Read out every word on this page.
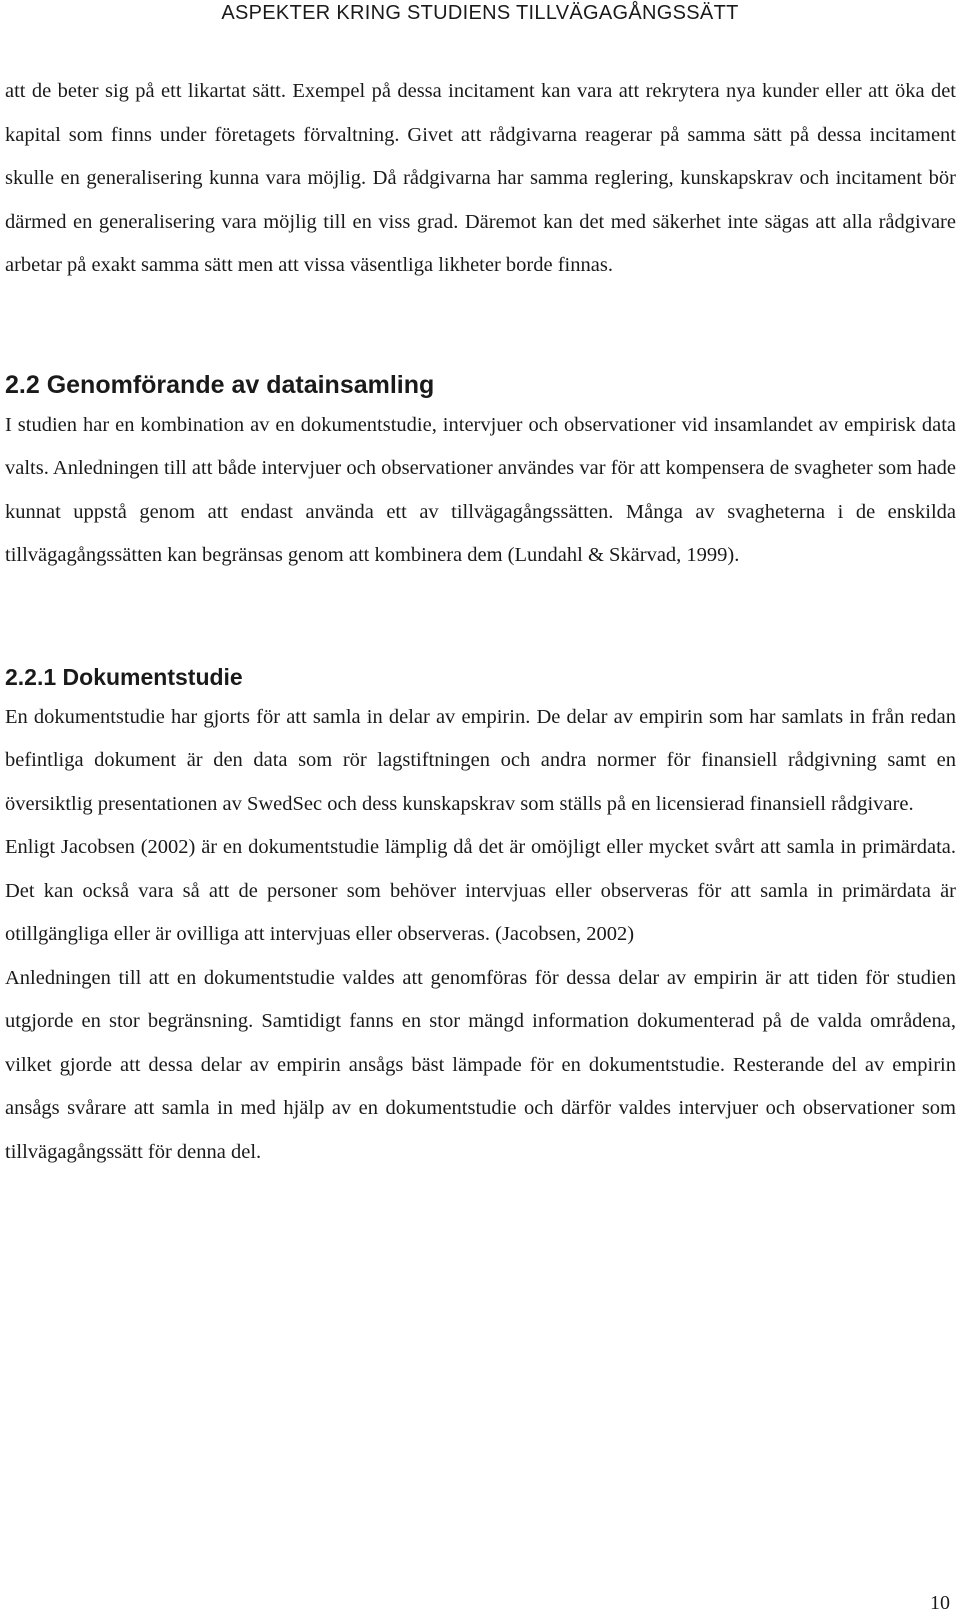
ASPEKTER KRING STUDIENS TILLVÄGAGÅNGSSÄTT

att de beter sig på ett likartat sätt. Exempel på dessa incitament kan vara att rekrytera nya kunder eller att öka det kapital som finns under företagets förvaltning. Givet att rådgivarna reagerar på samma sätt på dessa incitament skulle en generalisering kunna vara möjlig. Då rådgivarna har samma reglering, kunskapskrav och incitament bör därmed en generalisering vara möjlig till en viss grad. Däremot kan det med säkerhet inte sägas att alla rådgivare arbetar på exakt samma sätt men att vissa väsentliga likheter borde finnas.

2.2 Genomförande av datainsamling

I studien har en kombination av en dokumentstudie, intervjuer och observationer vid insamlandet av empirisk data valts. Anledningen till att både intervjuer och observationer användes var för att kompensera de svagheter som hade kunnat uppstå genom att endast använda ett av tillvägagångssätten. Många av svagheterna i de enskilda tillvägagångssätten kan begränsas genom att kombinera dem (Lundahl & Skärvad, 1999).

2.2.1 Dokumentstudie

En dokumentstudie har gjorts för att samla in delar av empirin. De delar av empirin som har samlats in från redan befintliga dokument är den data som rör lagstiftningen och andra normer för finansiell rådgivning samt en översiktlig presentationen av SwedSec och dess kunskapskrav som ställs på en licensierad finansiell rådgivare.

Enligt Jacobsen (2002) är en dokumentstudie lämplig då det är omöjligt eller mycket svårt att samla in primärdata. Det kan också vara så att de personer som behöver intervjuas eller observeras för att samla in primärdata är otillgängliga eller är ovilliga att intervjuas eller observeras. (Jacobsen, 2002)

Anledningen till att en dokumentstudie valdes att genomföras för dessa delar av empirin är att tiden för studien utgjorde en stor begränsning. Samtidigt fanns en stor mängd information dokumenterad på de valda områdena, vilket gjorde att dessa delar av empirin ansågs bäst lämpade för en dokumentstudie. Resterande del av empirin ansågs svårare att samla in med hjälp av en dokumentstudie och därför valdes intervjuer och observationer som tillvägagångssätt för denna del.

10
